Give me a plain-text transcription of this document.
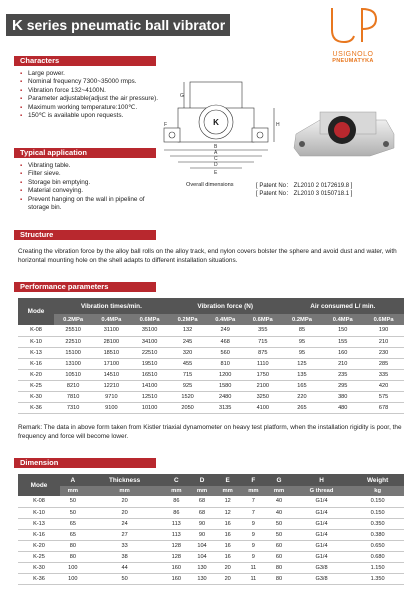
K series pneumatic ball vibrator
USIGNOLO
PNEUMATYKA
Characters
▪ Large power.
▪ Nominal frequency 7300~35000 rmps.
▪ Vibration force 132~4100N.
▪ Parameter adjustable(adjust the air pressure).
▪ Maximum working temperature:100℃.
▪ 150℃ is available upon requests.
Typical application
▪ Vibrating table.
▪ Filter sieve.
▪ Storage bin emptying.
▪ Material conveying.
▪ Prevent hanging on the wall in pipeline of storage bin.
K
G
H
B
A
C
D
E
F
Overall dimensions	[ Patent No： ZL2010 2 0172619.8 ]
[ Patent No： ZL2010 3 0150718.1 ]
Structure
Creating the vibration force by the alloy ball rolls on the alloy track, end nylon covers bolster the sphere and avoid dust and water, with horizontal mounting hole on the shell adapts to different installation situations.
Performance parameters
Mode	Vibration times/min.			Vibration force (N)			Air consumed L/ min.		
	0.2MPa	0.4MPa	0.6MPa	0.2MPa	0.4MPa	0.6MPa	0.2MPa	0.4MPa	0.6MPa
K-08	25510	31100	35100	132	249	355	85	150	190
K-10	22510	28100	34100	245	468	715	95	155	210
K-13	15100	18510	22510	320	560	875	95	160	230
K-16	13100	17100	19510	455	810	1110	125	210	285
K-20	10510	14510	16510	715	1200	1750	135	235	335
K-25	8210	12210	14100	925	1580	2100	165	295	420
K-30	7810	9710	12510	1520	2480	3250	220	380	575
K-36	7310	9100	10100	2050	3135	4100	265	480	678
Remark: The data in above form taken from Kistler triaxial dynamometer on heavy test platform, when the installation rigidity is poor, the frequency and force will become lower.
Dimension
Mode	A	Thickness	C	D	E	F	G	H	Weight
	mm	mm	mm	mm	mm	mm	mm	G thread	kg
K-08	50	20	86	68	12	7	40	G1/4	0.150
K-10	50	20	86	68	12	7	40	G1/4	0.150
K-13	65	24	113	90	16	9	50	G1/4	0.350
K-16	65	27	113	90	16	9	50	G1/4	0.380
K-20	80	33	128	104	16	9	60	G1/4	0.650
K-25	80	38	128	104	16	9	60	G1/4	0.680
K-30	100	44	160	130	20	11	80	G3/8	1.150
K-36	100	50	160	130	20	11	80	G3/8	1.350
